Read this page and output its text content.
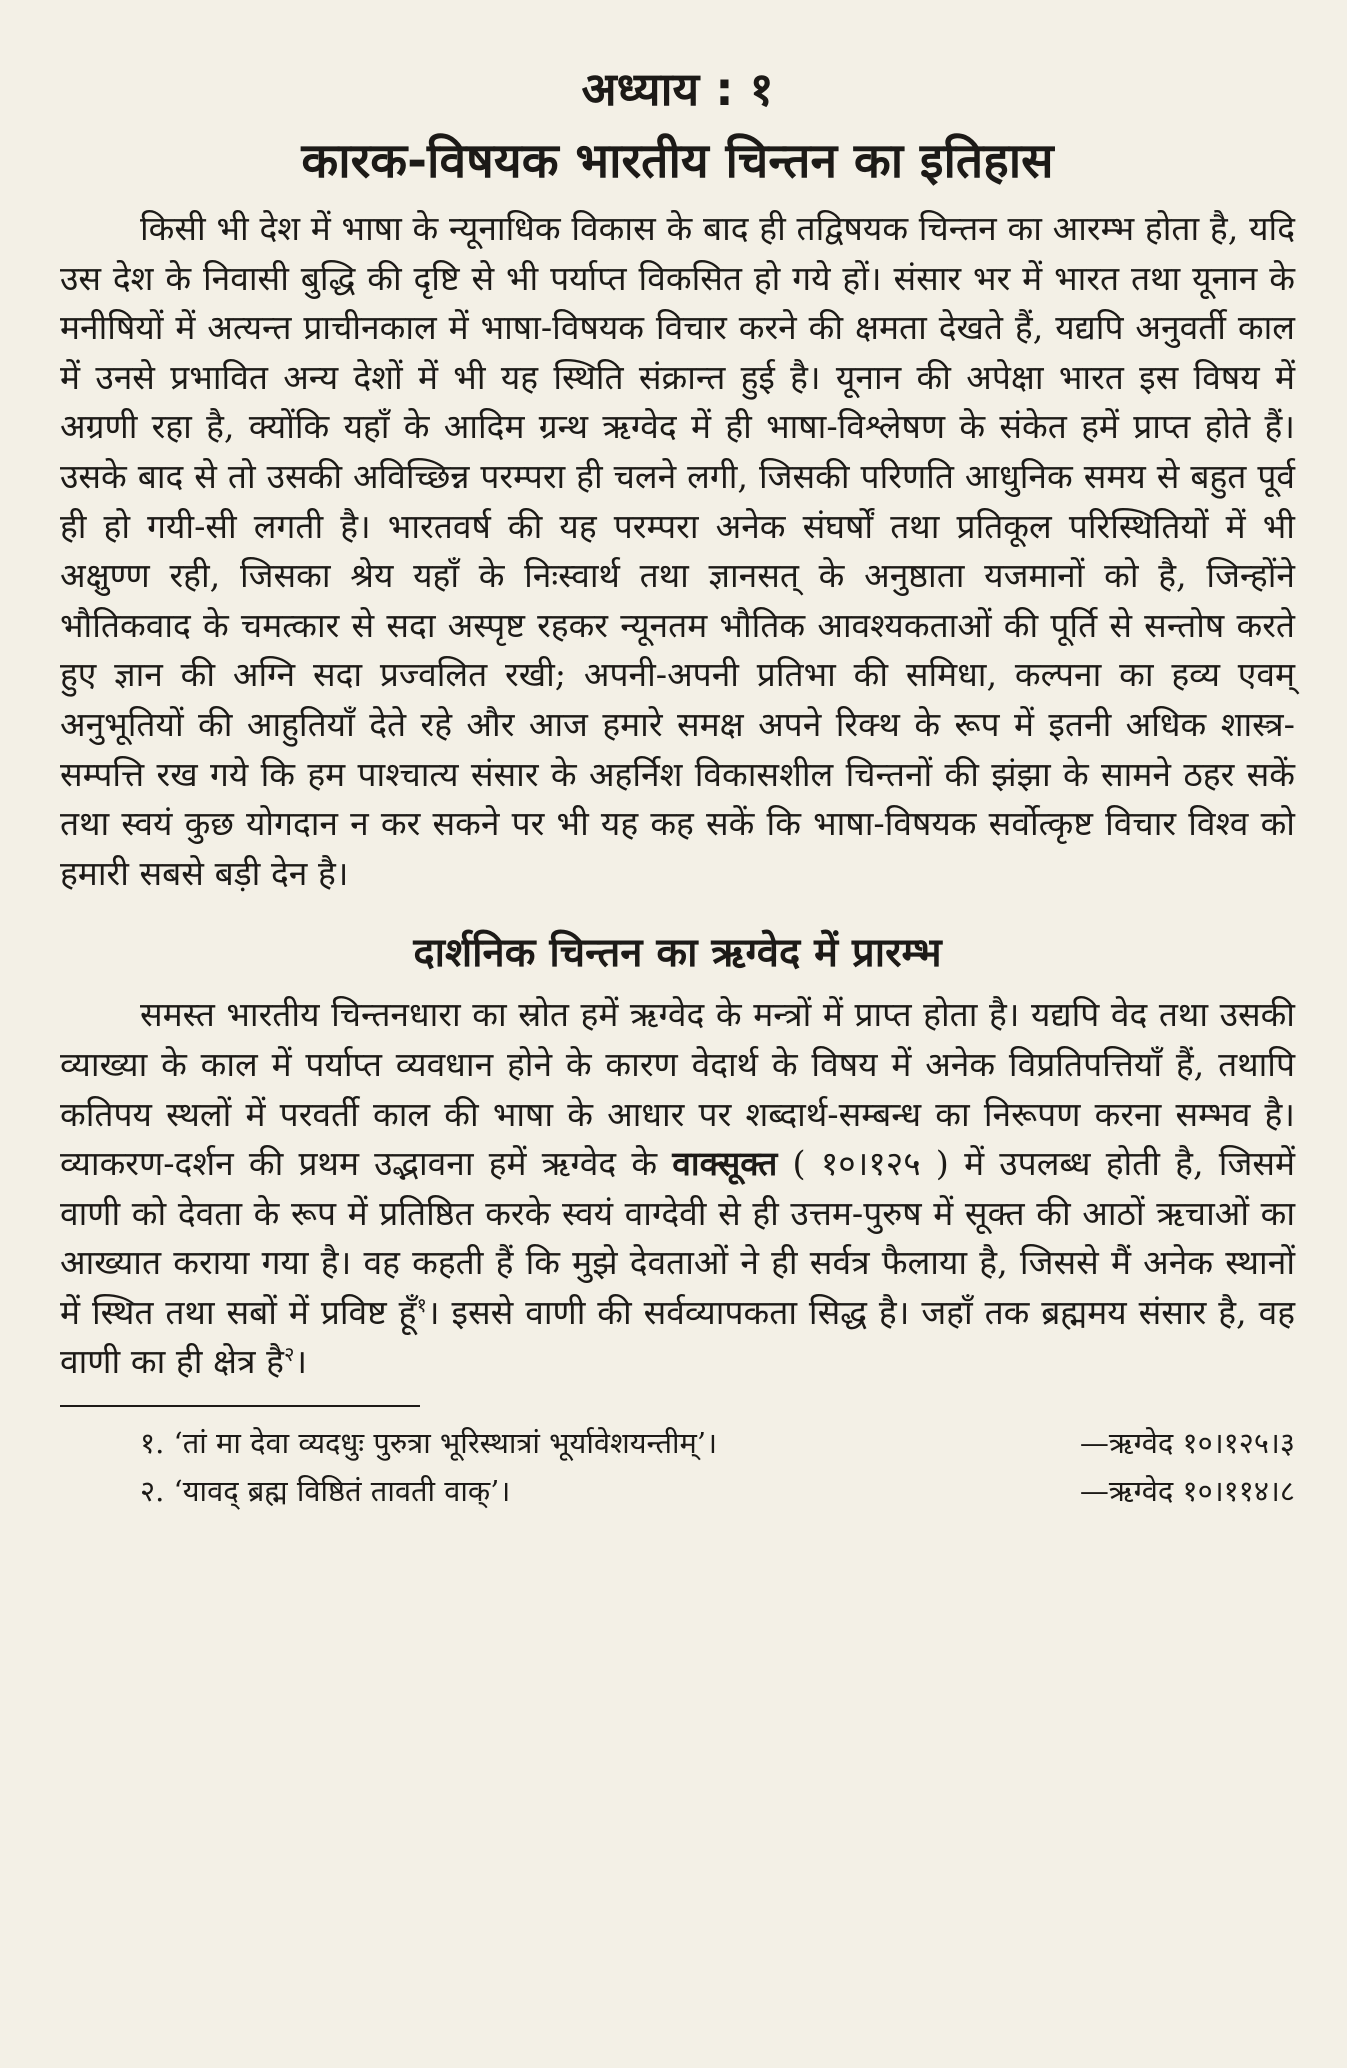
अध्याय : १
कारक-विषयक भारतीय चिन्तन का इतिहास

किसी भी देश में भाषा के न्यूनाधिक विकास के बाद ही तद्विषयक चिन्तन का आरम्भ होता है, यदि उस देश के निवासी बुद्धि की दृष्टि से भी पर्याप्त विकसित हो गये हों। संसार भर में भारत तथा यूनान के मनीषियों में अत्यन्त प्राचीनकाल में भाषा-विषयक विचार करने की क्षमता देखते हैं, यद्यपि अनुवर्ती काल में उनसे प्रभावित अन्य देशों में भी यह स्थिति संक्रान्त हुई है। यूनान की अपेक्षा भारत इस विषय में अग्रणी रहा है, क्योंकि यहाँ के आदिम ग्रन्थ ऋग्वेद में ही भाषा-विश्लेषण के संकेत हमें प्राप्त होते हैं। उसके बाद से तो उसकी अविच्छिन्न परम्परा ही चलने लगी, जिसकी परिणति आधुनिक समय से बहुत पूर्व ही हो गयी-सी लगती है। भारतवर्ष की यह परम्परा अनेक संघर्षों तथा प्रतिकूल परिस्थितियों में भी अक्षुण्ण रही, जिसका श्रेय यहाँ के निःस्वार्थ तथा ज्ञानसत् के अनुष्ठाता यजमानों को है, जिन्होंने भौतिकवाद के चमत्कार से सदा अस्पृष्ट रहकर न्यूनतम भौतिक आवश्यकताओं की पूर्ति से सन्तोष करते हुए ज्ञान की अग्नि सदा प्रज्वलित रखी; अपनी-अपनी प्रतिभा की समिधा, कल्पना का हव्य एवम् अनुभूतियों की आहुतियाँ देते रहे और आज हमारे समक्ष अपने रिक्थ के रूप में इतनी अधिक शास्त्र-सम्पत्ति रख गये कि हम पाश्चात्य संसार के अहर्निश विकासशील चिन्तनों की झंझा के सामने ठहर सकें तथा स्वयं कुछ योगदान न कर सकने पर भी यह कह सकें कि भाषा-विषयक सर्वोत्कृष्ट विचार विश्व को हमारी सबसे बड़ी देन है।

दार्शनिक चिन्तन का ऋग्वेद में प्रारम्भ

समस्त भारतीय चिन्तनधारा का स्रोत हमें ऋग्वेद के मन्त्रों में प्राप्त होता है। यद्यपि वेद तथा उसकी व्याख्या के काल में पर्याप्त व्यवधान होने के कारण वेदार्थ के विषय में अनेक विप्रतिपत्तियाँ हैं, तथापि कतिपय स्थलों में परवर्ती काल की भाषा के आधार पर शब्दार्थ-सम्बन्ध का निरूपण करना सम्भव है। व्याकरण-दर्शन की प्रथम उद्भावना हमें ऋग्वेद के वाक्सूक्त ( १०।१२५ ) में उपलब्ध होती है, जिसमें वाणी को देवता के रूप में प्रतिष्ठित करके स्वयं वाग्देवी से ही उत्तम-पुरुष में सूक्त की आठों ऋचाओं का आख्यात कराया गया है। वह कहती हैं कि मुझे देवताओं ने ही सर्वत्र फैलाया है, जिससे मैं अनेक स्थानों में स्थित तथा सबों में प्रविष्ट हूँ$^१$। इससे वाणी की सर्वव्यापकता सिद्ध है। जहाँ तक ब्रह्ममय संसार है, वह वाणी का ही क्षेत्र है$^२$।

१. ‘तां मा देवा व्यदधुः पुरुत्रा भूरिस्थात्रां भूर्यावेशयन्तीम्’।	—ऋग्वेद १०।१२५।३
२. ‘यावद् ब्रह्म विष्ठितं तावती वाक्’।	—ऋग्वेद १०।११४।८
